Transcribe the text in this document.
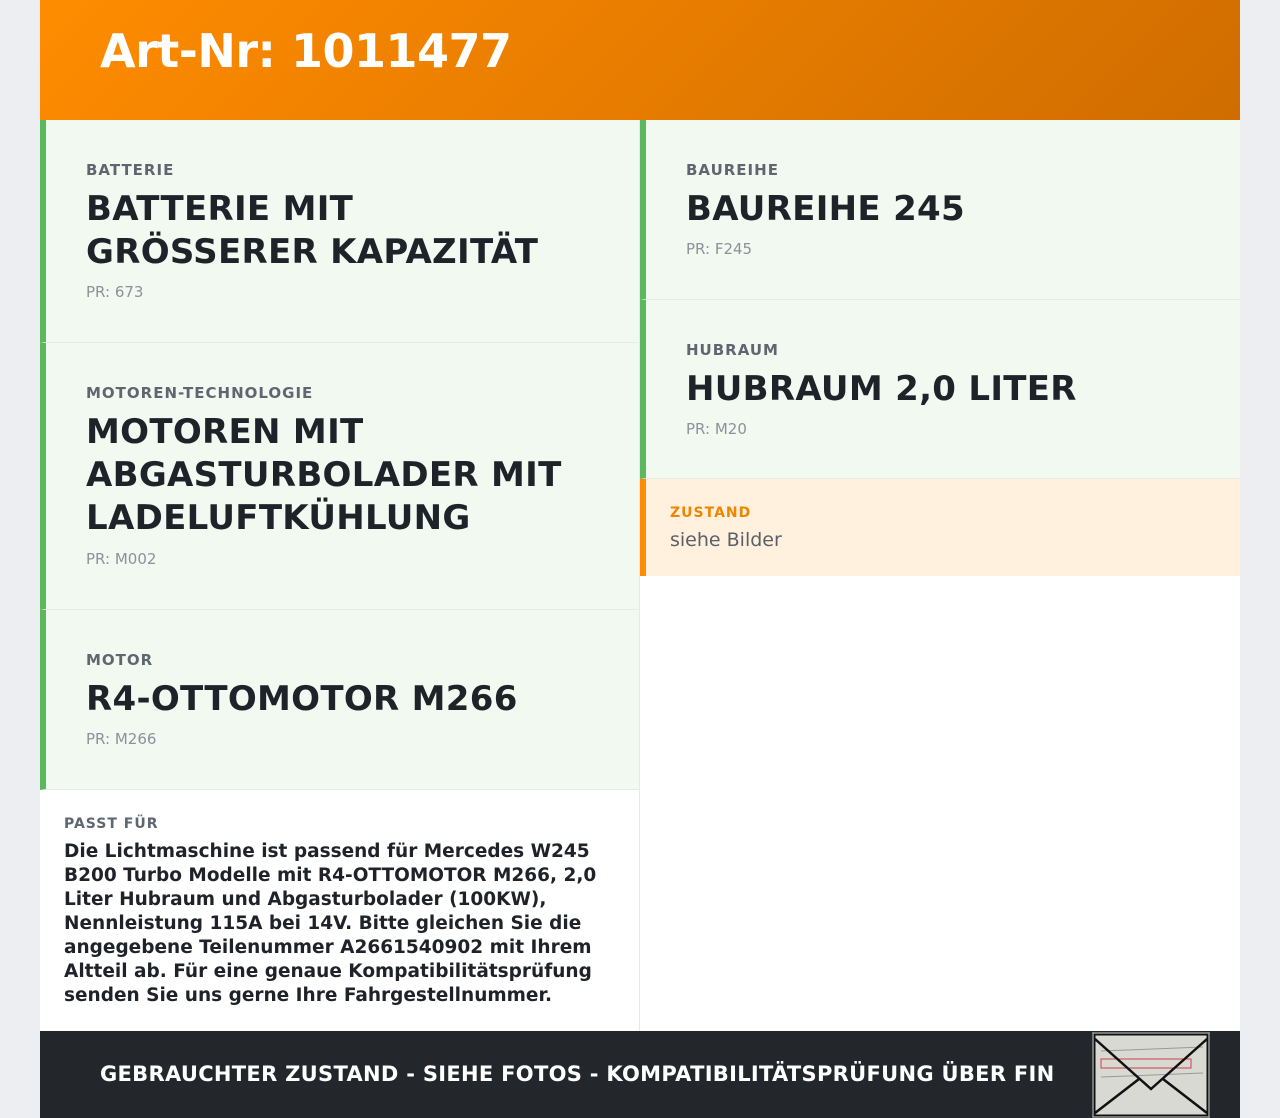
Art-Nr: 1011477
BATTERIE
BATTERIE MIT GRÖSSERER KAPAZITÄT
PR: 673
MOTOREN-TECHNOLOGIE
MOTOREN MIT ABGASTURBOLADER MIT LADELUFTKÜHLUNG
PR: M002
MOTOR
R4-OTTOMOTOR M266
PR: M266
PASST FÜR

Die Lichtmaschine ist passend für Mercedes W245 B200 Turbo Modelle mit R4-OTTOMOTOR M266, 2,0 Liter Hubraum und Abgasturbolader (100KW), Nennleistung 115A bei 14V. Bitte gleichen Sie die angegebene Teilenummer A2661540902 mit Ihrem Altteil ab. Für eine genaue Kompatibilitätsprüfung senden Sie uns gerne Ihre Fahrgestellnummer.

BAUREIHE
BAUREIHE 245
PR: F245
HUBRAUM
HUBRAUM 2,0 LITER
PR: M20
ZUSTAND
siehe Bilder
GEBRAUCHTER ZUSTAND - SIEHE FOTOS - KOMPATIBILITÄTSPRÜFUNG ÜBER FIN
